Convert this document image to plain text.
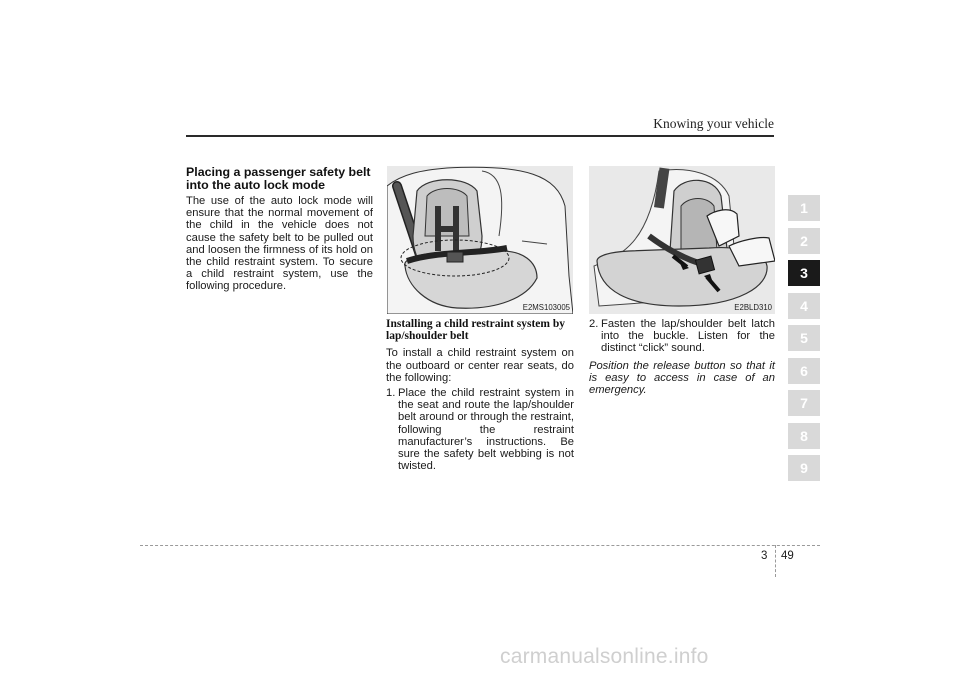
Knowing your vehicle
Placing a passenger safety belt into the auto lock mode
The use of the auto lock mode will ensure that the normal movement of the child in the vehicle does not cause the safety belt to be pulled out and loosen the firmness of its hold on the child restraint system. To secure a child restraint system, use the following procedure.
E2MS103005	E2BLD310
Installing a child restraint system by lap/shoulder belt
To install a child restraint system on the outboard or center rear seats, do the following:
1. Place the child restraint system in the seat and route the lap/shoulder belt around or through the restraint, following the restraint manufacturer’s instructions. Be sure the safety belt webbing is not twisted.
2. Fasten the lap/shoulder belt latch into the buckle. Listen for the distinct “click” sound.
Position the release button so that it is easy to access in case of an emergency.
1
2
3
4
5
6
7
8
9
3 49
carmanualsonline.info
